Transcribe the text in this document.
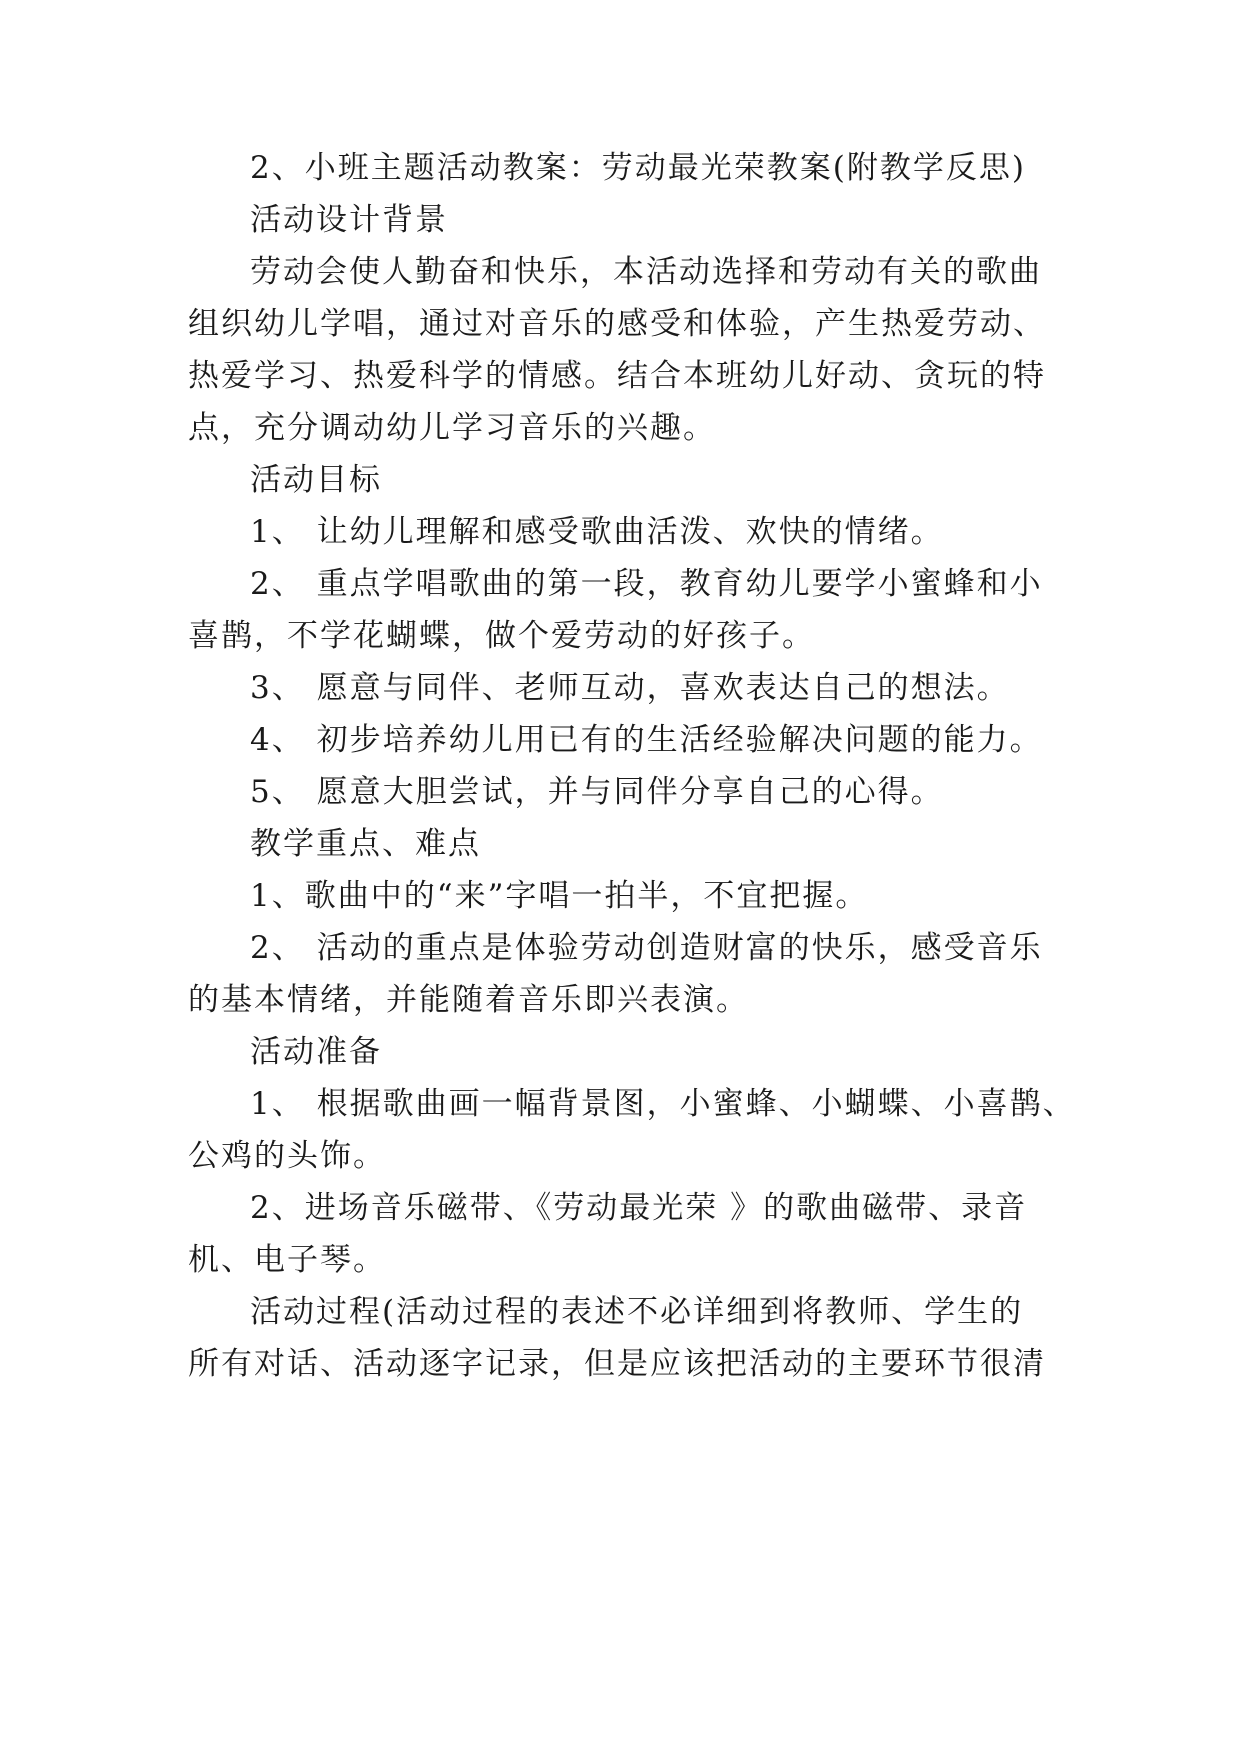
2、小班主题活动教案：劳动最光荣教案(附教学反思)
活动设计背景
劳动会使人勤奋和快乐，本活动选择和劳动有关的歌曲
组织幼儿学唱，通过对音乐的感受和体验，产生热爱劳动、
热爱学习、热爱科学的情感。结合本班幼儿好动、贪玩的特
点，充分调动幼儿学习音乐的兴趣。
活动目标
1、 让幼儿理解和感受歌曲活泼、欢快的情绪。
2、 重点学唱歌曲的第一段，教育幼儿要学小蜜蜂和小
喜鹊，不学花蝴蝶，做个爱劳动的好孩子。
3、 愿意与同伴、老师互动，喜欢表达自己的想法。
4、 初步培养幼儿用已有的生活经验解决问题的能力。
5、 愿意大胆尝试，并与同伴分享自己的心得。
教学重点、难点
1、歌曲中的“来”字唱一拍半，不宜把握。
2、 活动的重点是体验劳动创造财富的快乐，感受音乐
的基本情绪，并能随着音乐即兴表演。
活动准备
1、 根据歌曲画一幅背景图，小蜜蜂、小蝴蝶、小喜鹊、
公鸡的头饰。
2、进场音乐磁带、《劳动最光荣 》的歌曲磁带、录音
机、电子琴。
活动过程(活动过程的表述不必详细到将教师、学生的
所有对话、活动逐字记录，但是应该把活动的主要环节很清
